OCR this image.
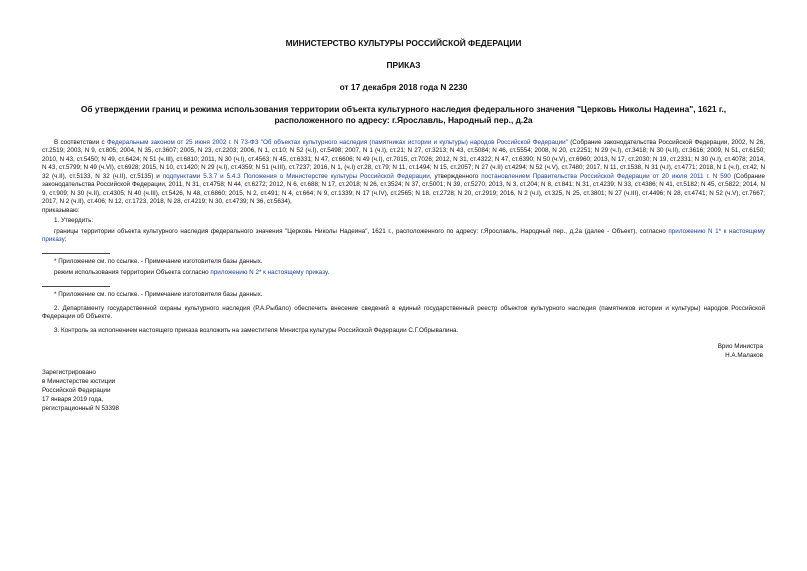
МИНИСТЕРСТВО КУЛЬТУРЫ РОССИЙСКОЙ ФЕДЕРАЦИИ

ПРИКАЗ

от 17 декабря 2018 года N 2230

Об утверждении границ и режима использования территории объекта культурного наследия федерального значения "Церковь Николы Надеина", 1621 г., расположенного по адресу: г.Ярославль, Народный пер., д.2а

В соответствии с Федеральным законом от 25 июня 2002 г. N 73-ФЗ "Об объектах культурного наследия (памятниках истории и культуры) народов Российской Федерации" (Собрание законодательства Российской Федерации, 2002, N 26, ст.2519; 2003, N 9, ст.805; 2004, N 35, ст.3607; 2005, N 23, ст.2203; 2006, N 1, ст.10; N 52 (ч.I), ст.5498; 2007, N 1 (ч.I), ст.21; N 27, ст.3213; N 43, ст.5084; N 46, ст.5554; 2008, N 20, ст.2251; N 29 (ч.I), ст.3418; N 30 (ч.II), ст.3616; 2009, N 51, ст.6150; 2010, N 43, ст.5450; N 49, ст.6424; N 51 (ч.III), ст.6810; 2011, N 30 (ч.I), ст.4563; N 45, ст.6331; N 47, ст.6606; N 49 (ч.I), ст.7015, ст.7026; 2012, N 31, ст.4322; N 47, ст.6390; N 50 (ч.V), ст.6960; 2013, N 17, ст.2030; N 19, ст.2331; N 30 (ч.I), ст.4078; 2014, N 43, ст.5799; N 49 (ч.VI), ст.6928; 2015, N 10, ст.1420; N 29 (ч.I), ст.4359; N 51 (ч.III), ст.7237; 2016, N 1, (ч.I) ст.28, ст.79; N 11, ст.1494; N 15, ст.2057; N 27 (ч.II) ст.4294; N 52 (ч.V), ст.7480; 2017, N 11, ст.1538, N 31 (ч.I), ст.4771; 2018, N 1 (ч.I), ст.42, N 32 (ч.II), ст.5133, N 32 (ч.II), ст.5135) и подпунктами 5.3.7 и 5.4.3 Положения о Министерстве культуры Российской Федерации, утвержденного постановлением Правительства Российской Федерации от 20 июля 2011 г. N 590 (Собрание законодательства Российской Федерации, 2011, N 31, ст.4758; N 44, ст.6272; 2012, N 6, ст.688; N 17, ст.2018; N 26, ст.3524; N 37, ст.5001; N 39, ст.5270; 2013, N 3, ст.204; N 8, ст.841; N 31, ст.4239; N 33, ст.4386; N 41, ст.5182; N 45, ст.5822; 2014, N 9, ст.909; N 30 (ч.II), ст.4305; N 40 (ч.III), ст.5426, N 48, ст.6860; 2015, N 2, ст.491; N 4, ст.664; N 9, ст.1339; N 17 (ч.IV), ст.2565; N 18, ст.2728; N 20, ст.2919; 2016, N 2 (ч.I), ст.325, N 25, ст.3801; N 27 (ч.III), ст.4496; N 28, ст.4741; N 52 (ч.V), ст.7667; 2017, N 2 (ч.II), ст.406; N 12, ст.1723, 2018, N 28, ст.4219; N 30, ст.4739; N 36, ст.5634),

приказываю:

1. Утвердить:

границы территории объекта культурного наследия федерального значения "Церковь Николы Надеина", 1621 г., расположенного по адресу: г.Ярославль, Народный пер., д.2а (далее - Объект), согласно приложению N 1* к настоящему приказу;

* Приложение см. по ссылке. - Примечание изготовителя базы данных.

режим использования территории Объекта согласно приложению N 2* к настоящему приказу.

* Приложение см. по ссылке. - Примечание изготовителя базы данных.

2. Департаменту государственной охраны культурного наследия (Р.А.Рыбало) обеспечить внесение сведений в единый государственный реестр объектов культурного наследия (памятников истории и культуры) народов Российской Федерации об Объекте.

3. Контроль за исполнением настоящего приказа возложить на заместителя Министра культуры Российской Федерации С.Г.Обрывалина.

Врио Министра
Н.А.Малаков
Зарегистрировано
в Министерстве юстиции
Российской Федерации
17 января 2019 года,
регистрационный N 53398
